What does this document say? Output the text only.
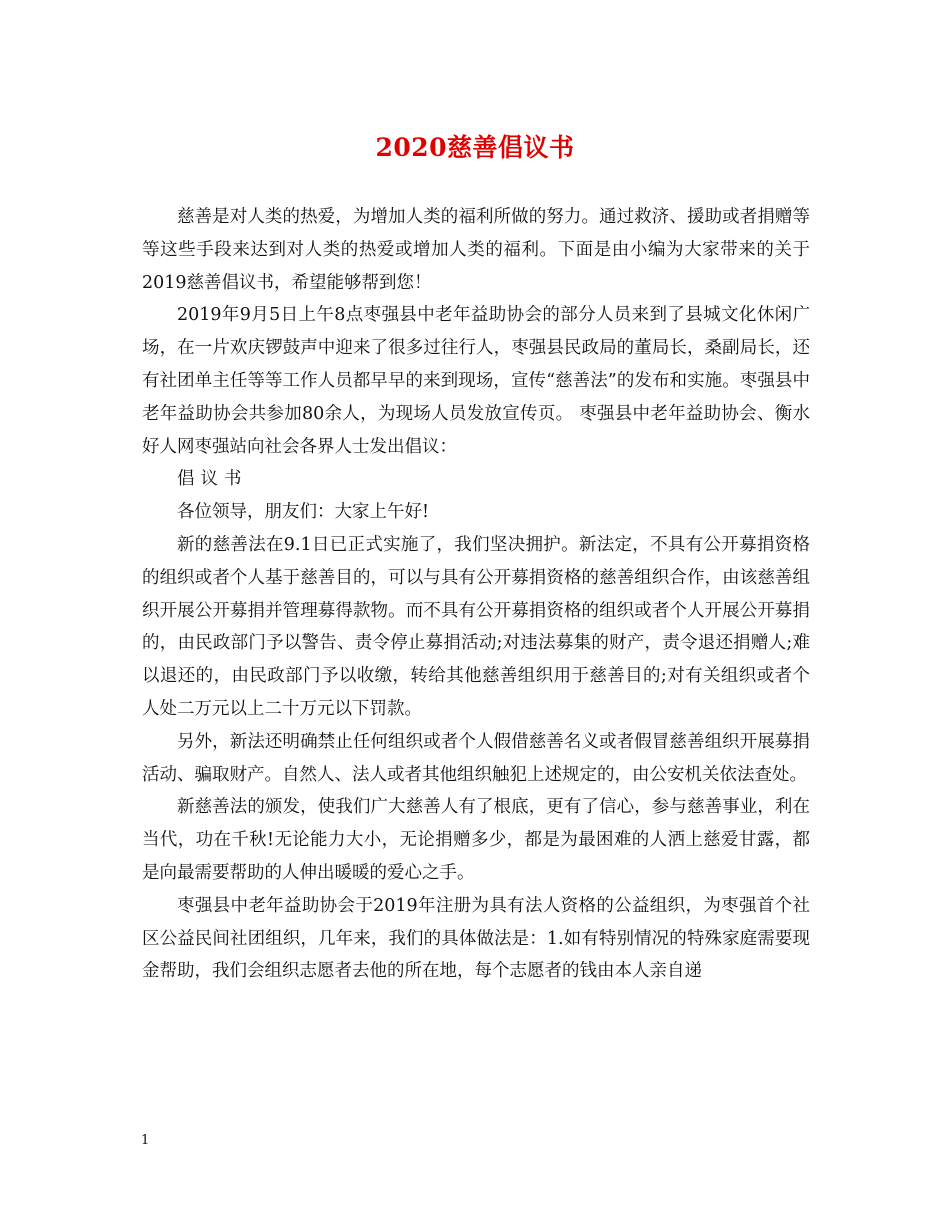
2020慈善倡议书

慈善是对人类的热爱，为增加人类的福利所做的努力。通过救济、援助或者捐赠等等这些手段来达到对人类的热爱或增加人类的福利。下面是由小编为大家带来的关于2019慈善倡议书，希望能够帮到您！

2019年9月5日上午8点枣强县中老年益助协会的部分人员来到了县城文化休闲广场，在一片欢庆锣鼓声中迎来了很多过往行人，枣强县民政局的董局长，桑副局长，还有社团单主任等等工作人员都早早的来到现场，宣传“慈善法”的发布和实施。枣强县中老年益助协会共参加80余人，为现场人员发放宣传页。 枣强县中老年益助协会、衡水好人网枣强站向社会各界人士发出倡议：

倡议书

各位领导，朋友们：大家上午好!

新的慈善法在9.1日已正式实施了，我们坚决拥护。新法定，不具有公开募捐资格的组织或者个人基于慈善目的，可以与具有公开募捐资格的慈善组织合作，由该慈善组织开展公开募捐并管理募得款物。而不具有公开募捐资格的组织或者个人开展公开募捐的，由民政部门予以警告、责令停止募捐活动;对违法募集的财产，责令退还捐赠人;难以退还的，由民政部门予以收缴，转给其他慈善组织用于慈善目的;对有关组织或者个人处二万元以上二十万元以下罚款。

另外，新法还明确禁止任何组织或者个人假借慈善名义或者假冒慈善组织开展募捐活动、骗取财产。自然人、法人或者其他组织触犯上述规定的，由公安机关依法查处。

新慈善法的颁发，使我们广大慈善人有了根底，更有了信心，参与慈善事业，利在当代，功在千秋!无论能力大小，无论捐赠多少，都是为最困难的人洒上慈爱甘露，都是向最需要帮助的人伸出暖暖的爱心之手。

枣强县中老年益助协会于2019年注册为具有法人资格的公益组织，为枣强首个社区公益民间社团组织，几年来，我们的具体做法是：1.如有特别情况的特殊家庭需要现金帮助，我们会组织志愿者去他的所在地，每个志愿者的钱由本人亲自递

1
